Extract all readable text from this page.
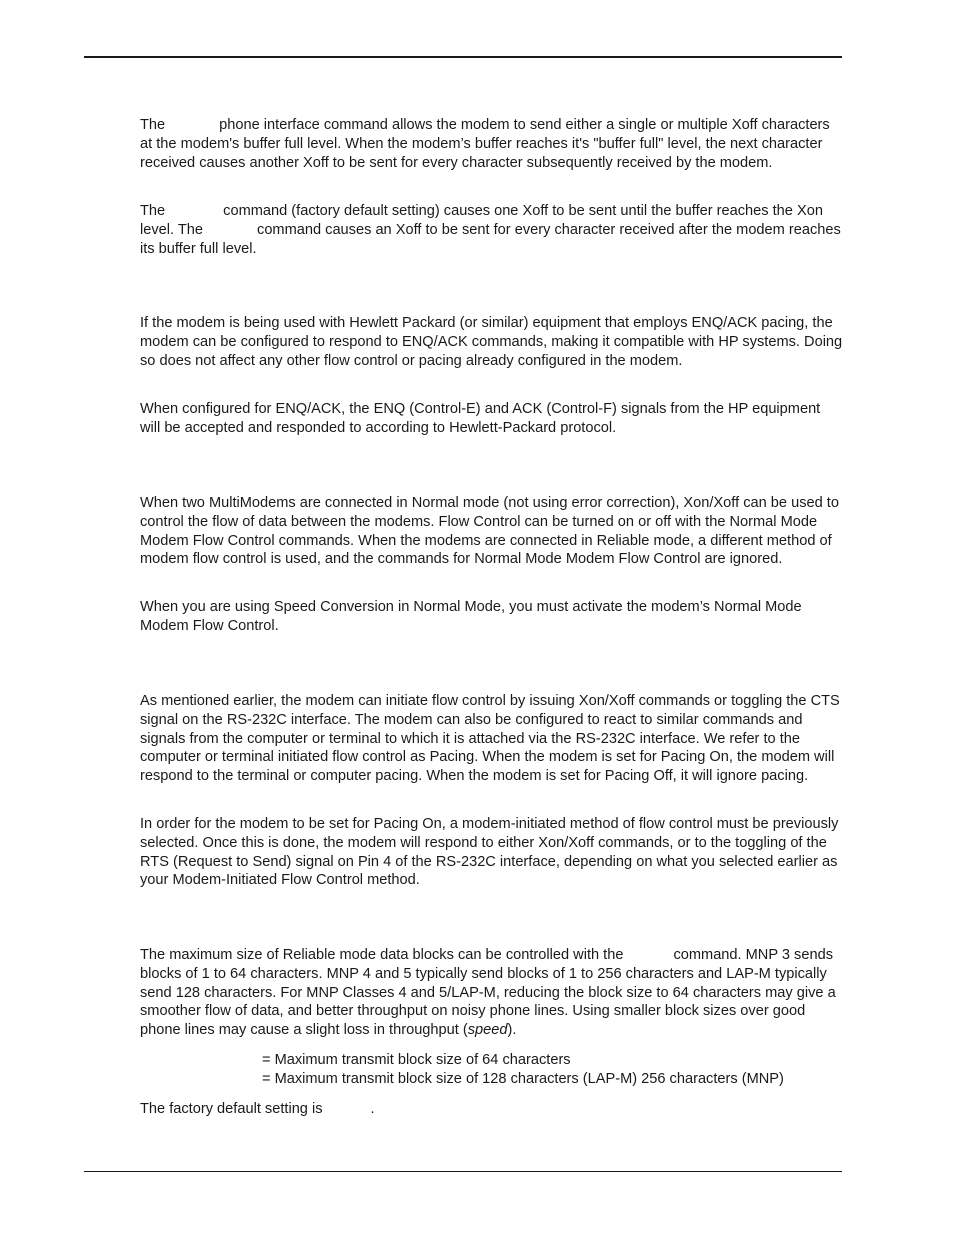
The	phone interface command allows the modem to send either a single or multiple Xoff characters at the modem's buffer full level. When the modem’s buffer reaches it's "buffer full" level, the next character received causes another Xoff to be sent for every character subsequently received by the modem.

The	command (factory default setting) causes one Xoff to be sent until the buffer reaches the Xon level. The	command causes an Xoff to be sent for every character received after the modem reaches its buffer full level.

If the modem is being used with Hewlett Packard (or similar) equipment that employs ENQ/ACK pacing, the modem can be configured to respond to ENQ/ACK commands, making it compatible with HP systems. Doing so does not affect any other flow control or pacing already configured in the modem.

When configured for ENQ/ACK, the ENQ (Control-E) and ACK (Control-F) signals from the HP equipment will be accepted and responded to according to Hewlett-Packard protocol.

When two MultiModems are connected in Normal mode (not using error correction), Xon/Xoff can be used to control the flow of data between the modems. Flow Control can be turned on or off with the Normal Mode Modem Flow Control commands. When the modems are connected in Reliable mode, a different method of modem flow control is used, and the commands for Normal Mode Modem Flow Control are ignored.

When you are using Speed Conversion in Normal Mode, you must activate the modem’s Normal Mode Modem Flow Control.

As mentioned earlier, the modem can initiate flow control by issuing Xon/Xoff commands or toggling the CTS signal on the RS-232C interface. The modem can also be configured to react to similar commands and signals from the computer or terminal to which it is attached via the RS-232C interface. We refer to the computer or terminal initiated flow control as Pacing. When the modem is set for Pacing On, the modem will respond to the terminal or computer pacing. When the modem is set for Pacing Off, it will ignore pacing.

In order for the modem to be set for Pacing On, a modem-initiated method of flow control must be previously selected. Once this is done, the modem will respond to either Xon/Xoff commands, or to the toggling of the RTS (Request to Send) signal on Pin 4 of the RS-232C interface, depending on what you selected earlier as your Modem-Initiated Flow Control method.

The maximum size of Reliable mode data blocks can be controlled with the	command. MNP 3 sends blocks of 1 to 64 characters. MNP 4 and 5 typically send blocks of 1 to 256 characters and LAP-M typically send 128 characters. For MNP Classes 4 and 5/LAP-M, reducing the block size to 64 characters may give a smoother flow of data, and better throughput on noisy phone lines. Using smaller block sizes over good phone lines may cause a slight loss in throughput (speed).

= Maximum transmit block size of 64 characters

= Maximum transmit block size of 128 characters (LAP-M) 256 characters (MNP)

The factory default setting is	.
